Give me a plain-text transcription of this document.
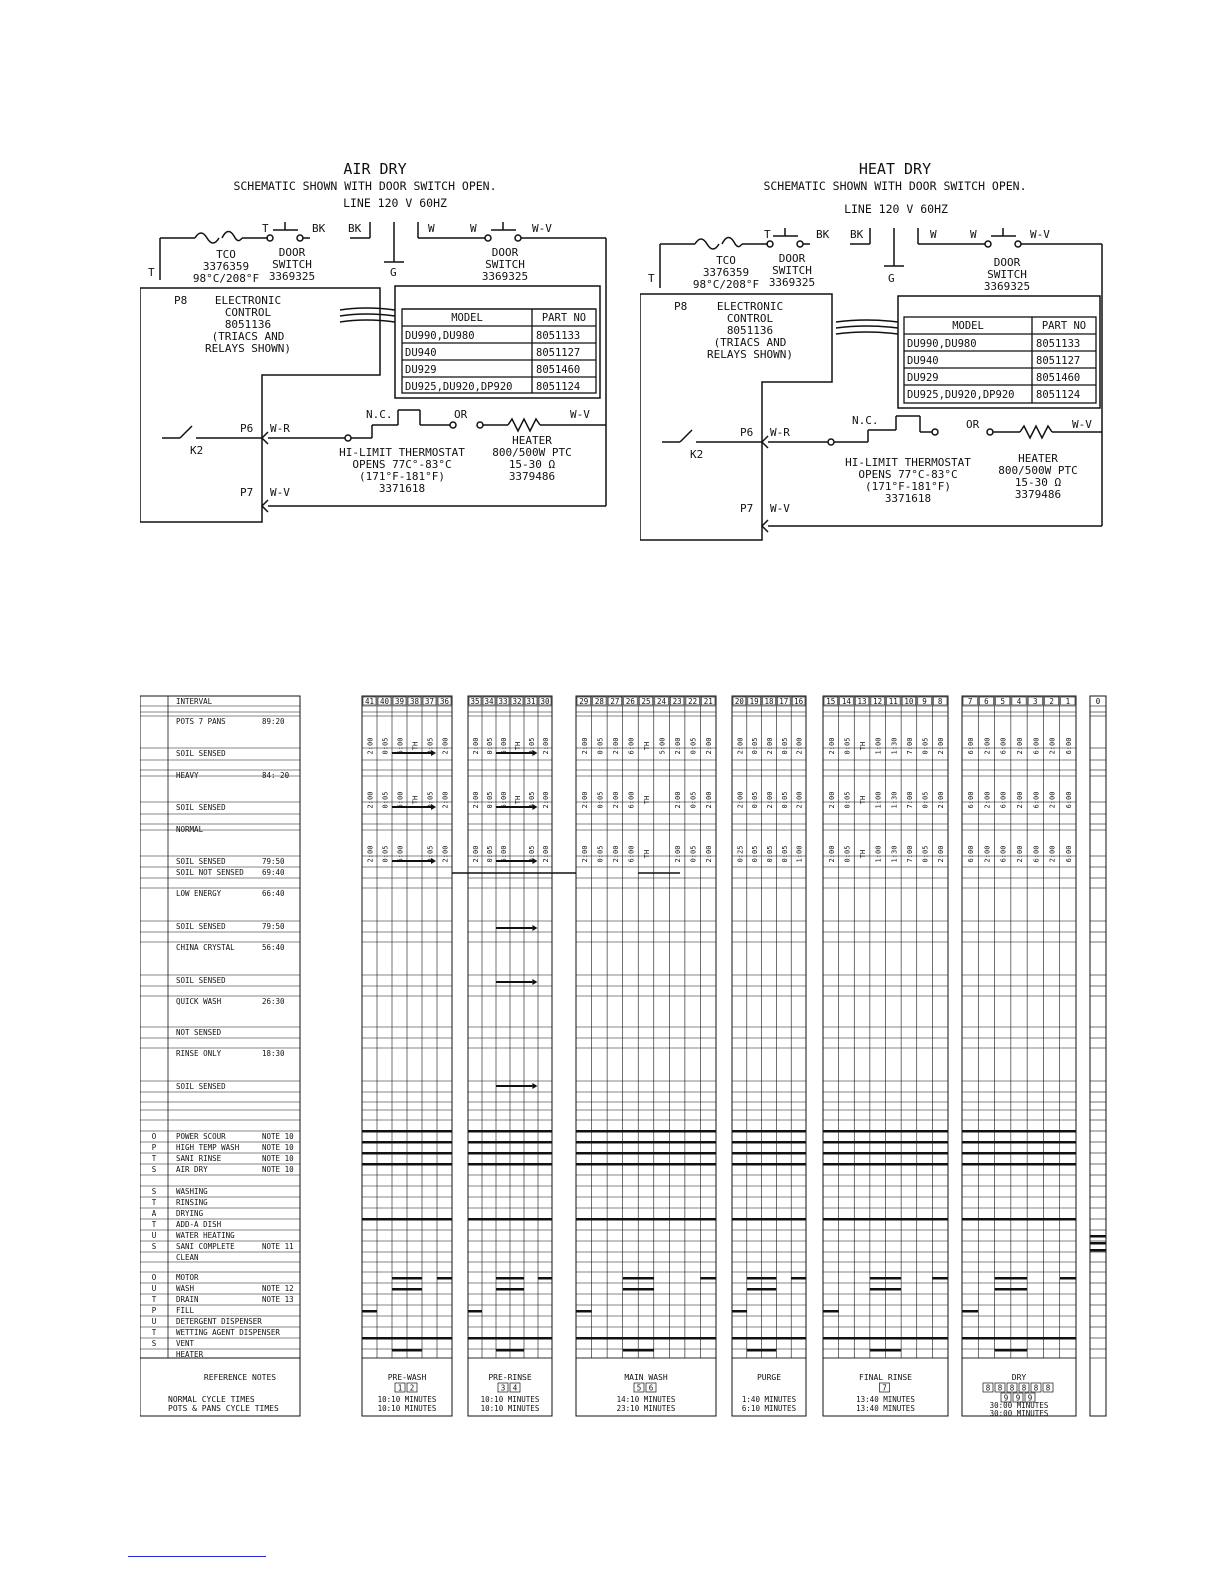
AIR DRY
SCHEMATIC SHOWN WITH DOOR SWITCH OPEN.
LINE 120 V 60HZ
T	BK BK	W	W	W-V
G
T
TCO
3376359
98°C/208°F
DOOR
SWITCH
3369325
DOOR
SWITCH
3369325
P8	ELECTRONIC
CONTROL
8051136
(TRIACS AND
RELAYS SHOWN)
MODEL	PART NO
DU990,DU980	8051133
DU940	8051127
DU929	8051460
DU925,DU920,DP920 8051124
N.C.	OR	W-V
P6 W-R
K2
P7 W-V
HEATER
800/500W PTC
15-30 Ω
3379486
HI-LIMIT THERMOSTAT
OPENS 77C°-83°C
(171°F-181°F)
3371618
HEAT DRY
SCHEMATIC SHOWN WITH DOOR SWITCH OPEN.
LINE 120 V 60HZ
T	BK BK	W	W	W-V
G
T
TCO
3376359
98°C/208°F
DOOR
SWITCH
3369325
DOOR
SWITCH
3369325
P8	ELECTRONIC
CONTROL
8051136
(TRIACS AND
RELAYS SHOWN)
MODEL	PART NO
DU990,DU980	8051133
DU940	8051127
DU929	8051460
DU925,DU920,DP920 8051124
N.C.	OR	W-V
P6 W-R
K2
P7 W-V
HEATER
800/500W PTC
15-30 Ω
3379486
HI-LIMIT THERMOSTAT
OPENS 77°C-83°C
(171°F-181°F)
3371618
INTERVAL
POTS 7 PANS	89:20
SOIL SENSED
HEAVY	84: 20
SOIL SENSED
NORMAL
SOIL SENSED	79:50
SOIL NOT SENSED 69:40
LOW ENERGY	66:40
SOIL SENSED	79:50
CHINA CRYSTAL	56:40
SOIL SENSED
QUICK WASH	26:30
NOT SENSED
RINSE ONLY	18:30
SOIL SENSED
O	POWER SCOUR	NOTE 10
P	HIGH TEMP WASH	NOTE 10
T	SANI RINSE	NOTE 10
S	AIR DRY	NOTE 10
S	WASHING
T	RINSING
A	DRYING
T	ADD-A DISH
U	WATER HEATING
S	SANI COMPLETE	NOTE 11
CLEAN
O	MOTOR
U	WASH	NOTE 12
T	DRAIN	NOTE 13
P	FILL
U	DETERGENT DISPENSER
T	WETTING AGENT DISPENSER
S	VENT
HEATER
REFERENCE NOTES
NORMAL CYCLE TIMES
POTS & PANS CYCLE TIMES
41 40 39 38 37 36
2:00 0:05 6:00 TH 0:05 2:00
2:00 0:05 6:00 TH 0:05 2:00
2:00 0:05 6:00	0:05 2:00
PRE-WASH
1 2
10:10 MINUTES
10:10 MINUTES
35 34 33 32 31 30
2:00 0:05 6:00 TH 0:05 2:00
2:00 0:05 6:00 TH 0:05 2:00
2:00 0:05 6:00	0:05 2:00
PRE-RINSE
3 4
10:10 MINUTES
10:10 MINUTES
29 28 27 26 25 24 23 22 21
2:00 0:05 2:00 6:00 TH 5:00 2:00 0:05 2:00
2:00 0:05 2:00 6:00 TH	2:00 0:05 2:00
2:00 0:05 2:00 6:00 TH	2:00 0:05 2:00
MAIN WASH
5 6
14:10 MINUTES
23:10 MINUTES
20 19 18 17 16
2:00 0:05 2:00 0:05 2:00
2:00 0:05 2:00 0:05 2:00
0:25 0:05 0:05 0:05 1:00
PURGE
1:40 MINUTES
6:10 MINUTES
15 14 13 12 11 10 9 8
2:00 0:05 TH 1:00 1:30 7:00 0:05 2:00
2:00 0:05 TH 1:00 1:30 7:00 0:05 2:00
2:00 0:05 TH 1:00 1:30 7:00 0:05 2:00
FINAL RINSE
7
13:40 MINUTES
13:40 MINUTES
7 6 5 4 3 2 1
6:00 2:00 6:00 2:00 6:00 2:00 6:00
6:00 2:00 6:00 2:00 6:00 2:00 6:00
6:00 2:00 6:00 2:00 6:00 2:00 6:00
DRY
8 8 8 8 8 8
9 9 9
30:00 MINUTES
30:00 MINUTES
0
